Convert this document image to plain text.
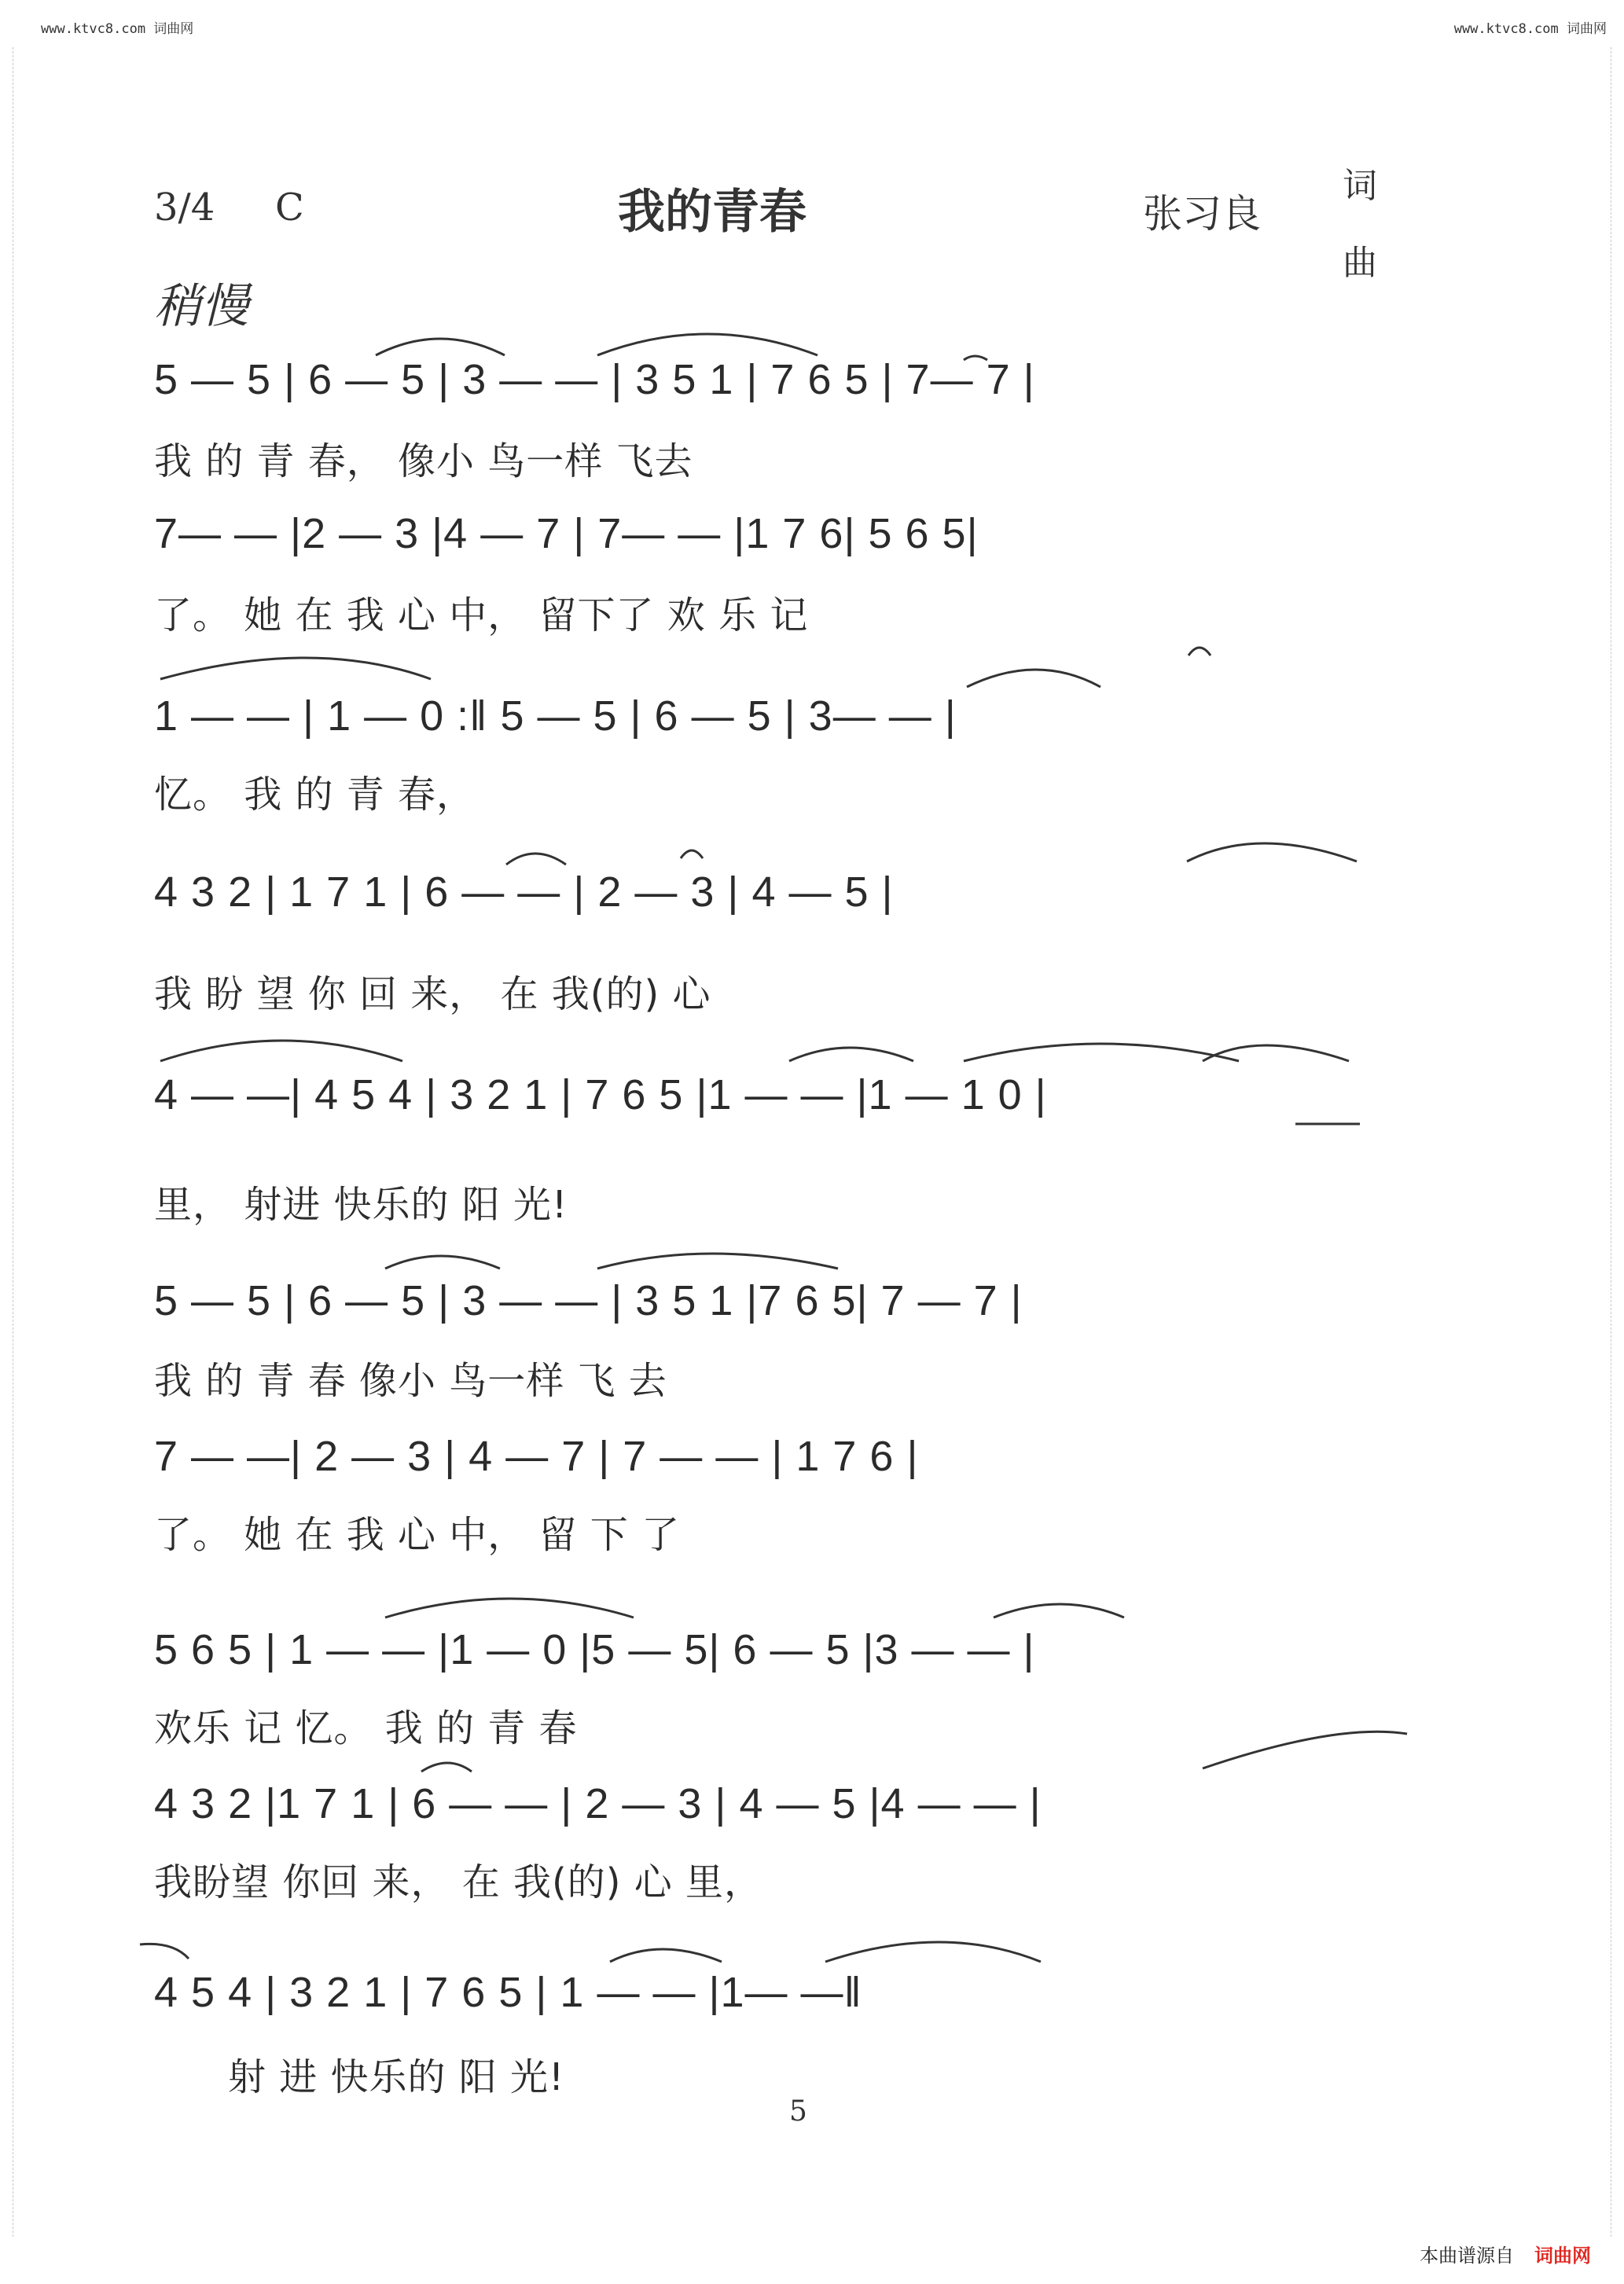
www.ktvc8.com 词曲网	www.ktvc8.com 词曲网
3/4 C	我的青春	张习良
词
曲
稍慢
5 — 5 | 6 — 5 | 3 — — | 3 5 1 | 7 6 5 | 7— 7 |
我 的 青 春， 像小 鸟一样 飞去
7— — |2 — 3 |4 — 7 | 7— — |1 7 6| 5 6 5|
了。 她 在 我 心 中， 留下了 欢 乐 记
1 — — | 1 — 0 :‖ 5 — 5 | 6 — 5 | 3— — |
忆。 我 的 青 春，
4 3 2 | 1 7 1 | 6 — — | 2 — 3 | 4 — 5 |
我 盼 望 你 回 来， 在 我(的) 心
4 — —| 4 5 4 | 3 2 1 | 7 6 5 |1 — — |1 — 1 0 |
里， 射进 快乐的 阳 光!
5 — 5 | 6 — 5 | 3 — — | 3 5 1 |7 6 5| 7 — 7 |
我 的 青 春 像小 鸟一样 飞 去
7 — —| 2 — 3 | 4 — 7 | 7 — — | 1 7 6 |
了。 她 在 我 心 中， 留 下 了
5 6 5 | 1 — — |1 — 0 |5 — 5| 6 — 5 |3 — — |
欢乐 记 忆。 我 的 青 春
4 3 2 |1 7 1 | 6 — — | 2 — 3 | 4 — 5 |4 — — |
我盼望 你回 来， 在 我(的) 心 里，
4 5 4 | 3 2 1 | 7 6 5 | 1 — — |1— —‖
射 进 快乐的 阳 光!
5
本曲谱源自 词曲网
